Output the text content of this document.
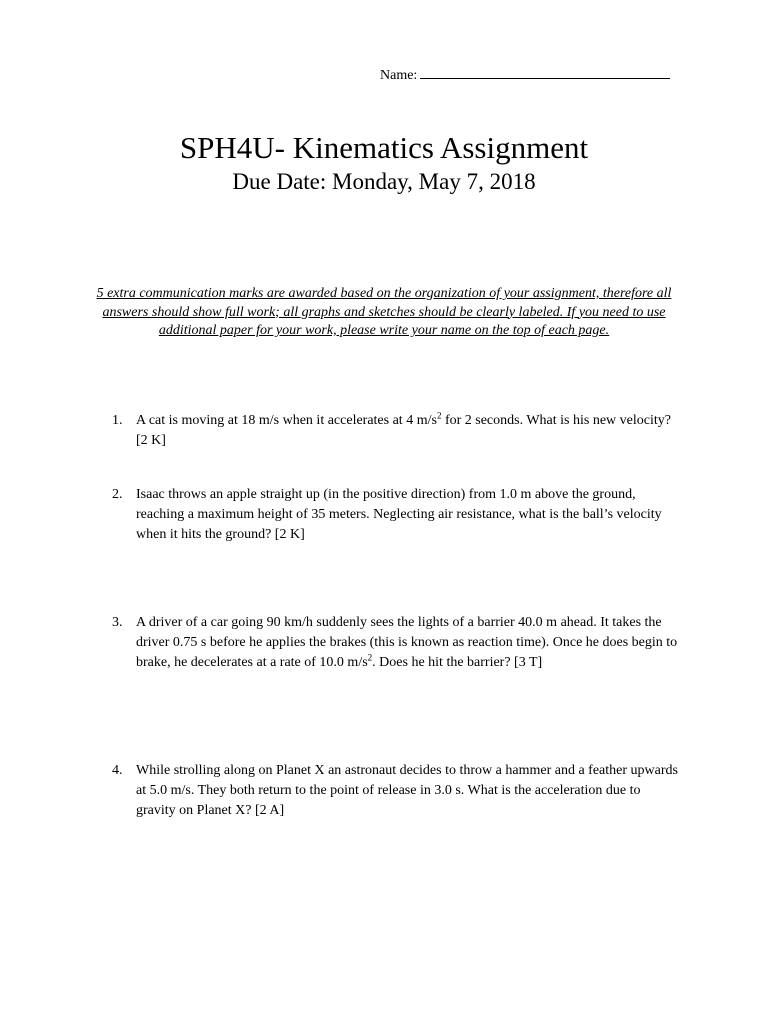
Name:
SPH4U- Kinematics Assignment
Due Date: Monday, May 7, 2018
5 extra communication marks are awarded based on the organization of your assignment, therefore all answers should show full work; all graphs and sketches should be clearly labeled. If you need to use additional paper for your work, please write your name on the top of each page.
1. A cat is moving at 18 m/s when it accelerates at 4 $m/s^2$ for 2 seconds. What is his new velocity? [2 K]
2. Isaac throws an apple straight up (in the positive direction) from 1.0 m above the ground, reaching a maximum height of 35 meters. Neglecting air resistance, what is the ball’s velocity when it hits the ground? [2 K]
3. A driver of a car going 90 km/h suddenly sees the lights of a barrier 40.0 m ahead. It takes the driver 0.75 s before he applies the brakes (this is known as reaction time). Once he does begin to brake, he decelerates at a rate of 10.0 $m/s^2$. Does he hit the barrier? [3 T]
4. While strolling along on Planet X an astronaut decides to throw a hammer and a feather upwards at 5.0 m/s. They both return to the point of release in 3.0 s. What is the acceleration due to gravity on Planet X? [2 A]
